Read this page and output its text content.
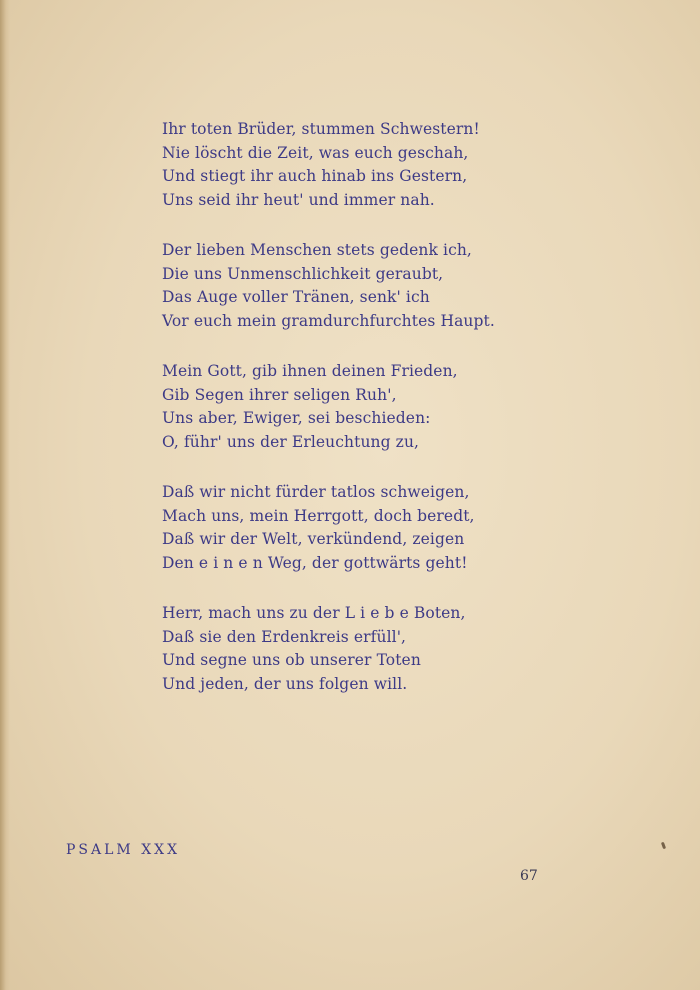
Ihr toten Brüder, stummen Schwestern!
Nie löscht die Zeit, was euch geschah,
Und stiegt ihr auch hinab ins Gestern,
Uns seid ihr heut' und immer nah.
Der lieben Menschen stets gedenk ich,
Die uns Unmenschlichkeit geraubt,
Das Auge voller Tränen, senk' ich
Vor euch mein gramdurchfurchtes Haupt.
Mein Gott, gib ihnen deinen Frieden,
Gib Segen ihrer seligen Ruh',
Uns aber, Ewiger, sei beschieden:
O, führ' uns der Erleuchtung zu,
Daß wir nicht fürder tatlos schweigen,
Mach uns, mein Herrgott, doch beredt,
Daß wir der Welt, verkündend, zeigen
Den e i n e n Weg, der gottwärts geht!
Herr, mach uns zu der L i e b e Boten,
Daß sie den Erdenkreis erfüll',
Und segne uns ob unserer Toten
Und jeden, der uns folgen will.
PSALM XXX
67
